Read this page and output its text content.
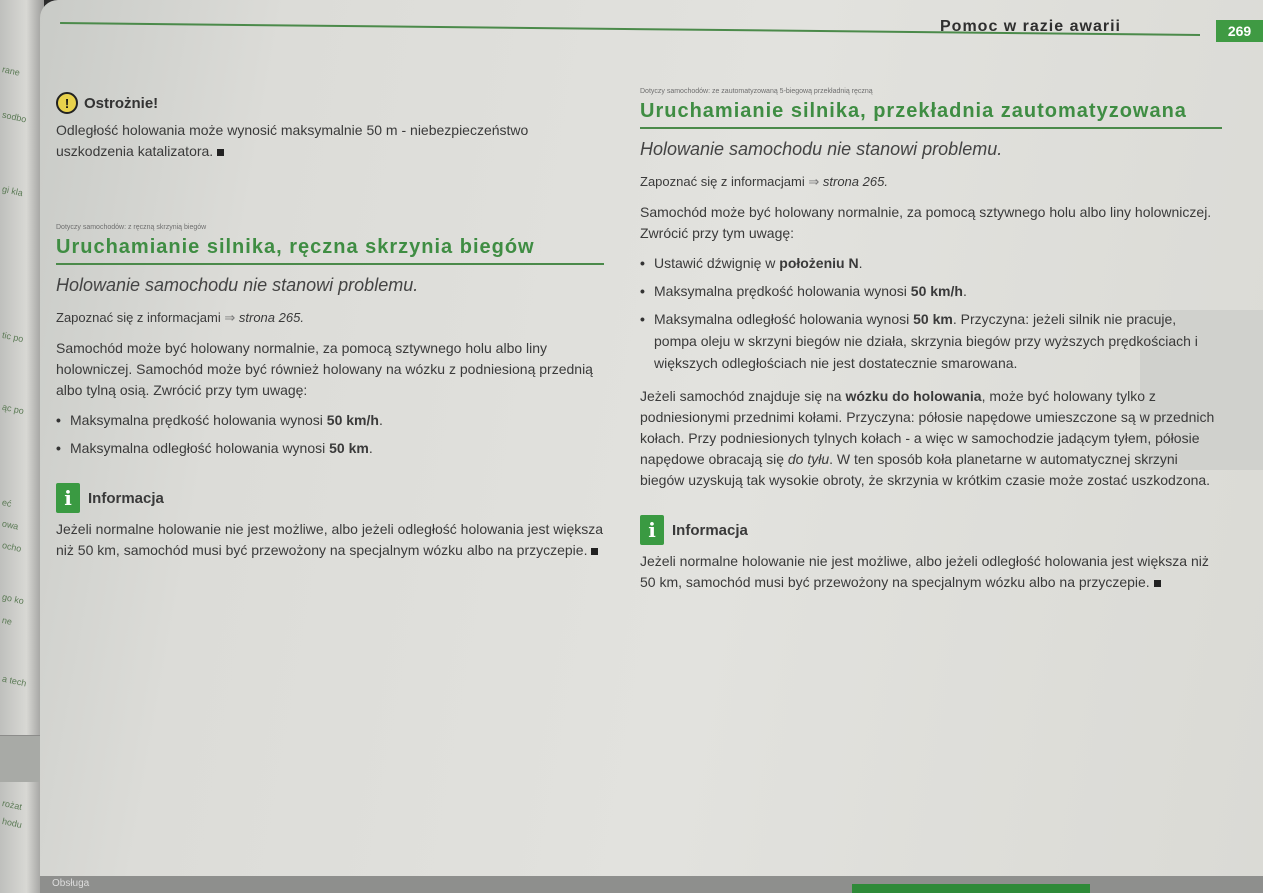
rane
sodbo
gi kla
tic po
ąc po
eć
owa
ocho
go ko
ne
a tech
rożat
hodu
Pomoc w razie awarii	269
! Ostrożnie!

Odległość holowania może wynosić maksymalnie 50 m - niebezpieczeństwo uszkodzenia katalizatora.

Dotyczy samochodów: z ręczną skrzynią biegów
Uruchamianie silnika, ręczna skrzynia biegów
Holowanie samochodu nie stanowi problemu.
Zapoznać się z informacjami ⇒ strona 265.

Samochód może być holowany normalnie, za pomocą sztywnego holu albo liny holowniczej. Samochód może być również holowany na wózku z podniesioną przednią albo tylną osią. Zwrócić przy tym uwagę:

• Maksymalna prędkość holowania wynosi 50 km/h.
• Maksymalna odległość holowania wynosi 50 km.
i	Informacja

Jeżeli normalne holowanie nie jest możliwe, albo jeżeli odległość holowania jest większa niż 50 km, samochód musi być przewożony na specjalnym wózku albo na przyczepie.

Dotyczy samochodów: ze zautomatyzowaną 5-biegową przekładnią ręczną
Uruchamianie silnika, przekładnia zautomatyzowana
Holowanie samochodu nie stanowi problemu.
Zapoznać się z informacjami ⇒ strona 265.

Samochód może być holowany normalnie, za pomocą sztywnego holu albo liny holowniczej. Zwrócić przy tym uwagę:

• Ustawić dźwignię w położeniu N.
• Maksymalna prędkość holowania wynosi 50 km/h.
• Maksymalna odległość holowania wynosi 50 km. Przyczyna: jeżeli silnik nie pracuje, pompa oleju w skrzyni biegów nie działa, skrzynia biegów przy wyższych prędkościach i większych odległościach nie jest dostatecznie smarowana.

Jeżeli samochód znajduje się na wózku do holowania, może być holowany tylko z podniesionymi przednimi kołami. Przyczyna: półosie napędowe umieszczone są w przednich kołach. Przy podniesionych tylnych kołach - a więc w samochodzie jadącym tyłem, półosie napędowe obracają się do tyłu. W ten sposób koła planetarne w automatycznej skrzyni biegów uzyskują tak wysokie obroty, że skrzynia w krótkim czasie może zostać uszkodzona.

i	Informacja

Jeżeli normalne holowanie nie jest możliwe, albo jeżeli odległość holowania jest większa niż 50 km, samochód musi być przewożony na specjalnym wózku albo na przyczepie.

Obsługa
